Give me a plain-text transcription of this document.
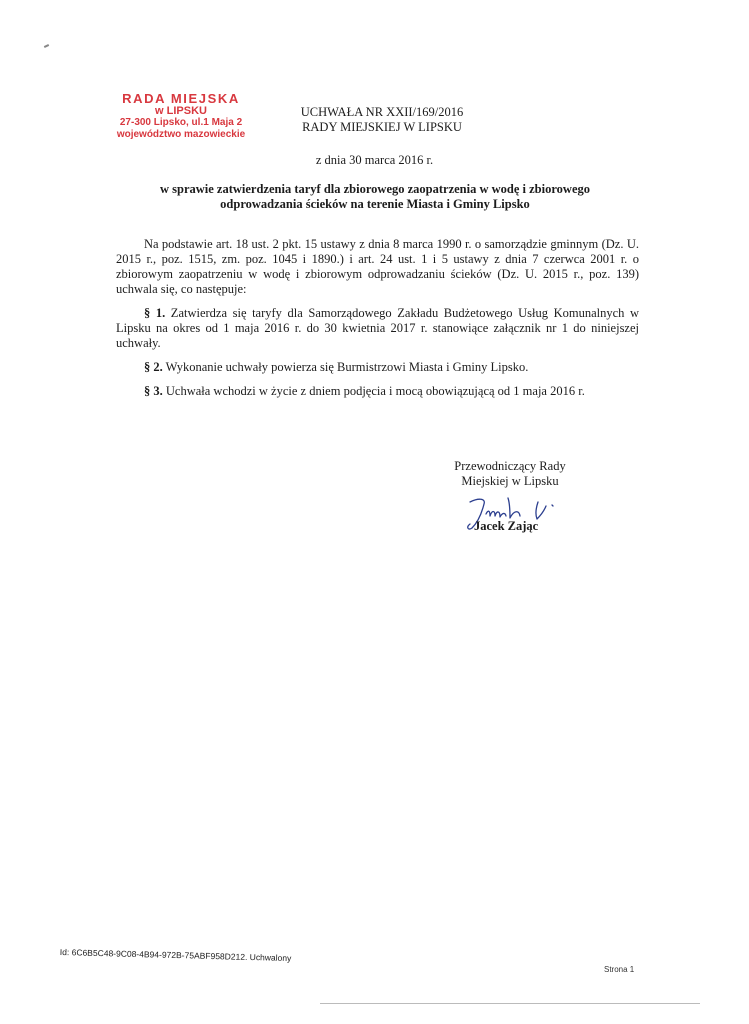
RADA MIEJSKA
w LIPSKU
27-300 Lipsko, ul.1 Maja 2
województwo mazowieckie
UCHWAŁA NR XXII/169/2016
RADY MIEJSKIEJ W LIPSKU
z dnia 30 marca 2016 r.
w sprawie zatwierdzenia taryf dla zbiorowego zaopatrzenia w wodę i zbiorowego
odprowadzania ścieków na terenie Miasta i Gminy Lipsko

Na podstawie art. 18 ust. 2 pkt. 15 ustawy z dnia 8 marca 1990 r. o samorządzie gminnym (Dz. U. 2015 r., poz. 1515, zm. poz. 1045 i 1890.) i art. 24 ust. 1 i 5 ustawy z dnia 7 czerwca 2001 r. o zbiorowym zaopatrzeniu w wodę i zbiorowym odprowadzaniu ścieków (Dz. U. 2015 r., poz. 139) uchwala się, co następuje:

§ 1. Zatwierdza się taryfy dla Samorządowego Zakładu Budżetowego Usług Komunalnych w Lipsku na okres od 1 maja 2016 r. do 30 kwietnia 2017 r. stanowiące załącznik nr 1 do niniejszej uchwały.

§ 2. Wykonanie uchwały powierza się Burmistrzowi Miasta i Gminy Lipsko.

§ 3. Uchwała wchodzi w życie z dniem podjęcia i mocą obowiązującą od 1 maja 2016 r.

Przewodniczący Rady
Miejskiej w Lipsku
Jacek Zając
Id: 6C6B5C48-9C08-4B94-972B-75ABF958D212. Uchwalony
Strona 1
